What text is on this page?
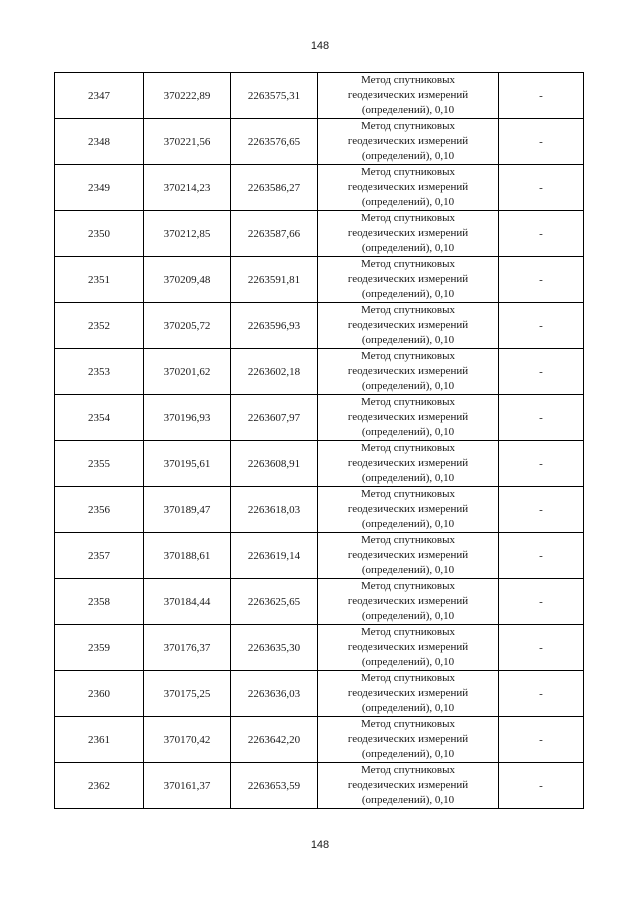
148
2347	370222,89	2263575,31	Метод спутниковых
геодезических измерений
(определений), 0,10	-
2348	370221,56	2263576,65	Метод спутниковых
геодезических измерений
(определений), 0,10	-
2349	370214,23	2263586,27	Метод спутниковых
геодезических измерений
(определений), 0,10	-
2350	370212,85	2263587,66	Метод спутниковых
геодезических измерений
(определений), 0,10	-
2351	370209,48	2263591,81	Метод спутниковых
геодезических измерений
(определений), 0,10	-
2352	370205,72	2263596,93	Метод спутниковых
геодезических измерений
(определений), 0,10	-
2353	370201,62	2263602,18	Метод спутниковых
геодезических измерений
(определений), 0,10	-
2354	370196,93	2263607,97	Метод спутниковых
геодезических измерений
(определений), 0,10	-
2355	370195,61	2263608,91	Метод спутниковых
геодезических измерений
(определений), 0,10	-
2356	370189,47	2263618,03	Метод спутниковых
геодезических измерений
(определений), 0,10	-
2357	370188,61	2263619,14	Метод спутниковых
геодезических измерений
(определений), 0,10	-
2358	370184,44	2263625,65	Метод спутниковых
геодезических измерений
(определений), 0,10	-
2359	370176,37	2263635,30	Метод спутниковых
геодезических измерений
(определений), 0,10	-
2360	370175,25	2263636,03	Метод спутниковых
геодезических измерений
(определений), 0,10	-
2361	370170,42	2263642,20	Метод спутниковых
геодезических измерений
(определений), 0,10	-
2362	370161,37	2263653,59	Метод спутниковых
геодезических измерений
(определений), 0,10	-
148
